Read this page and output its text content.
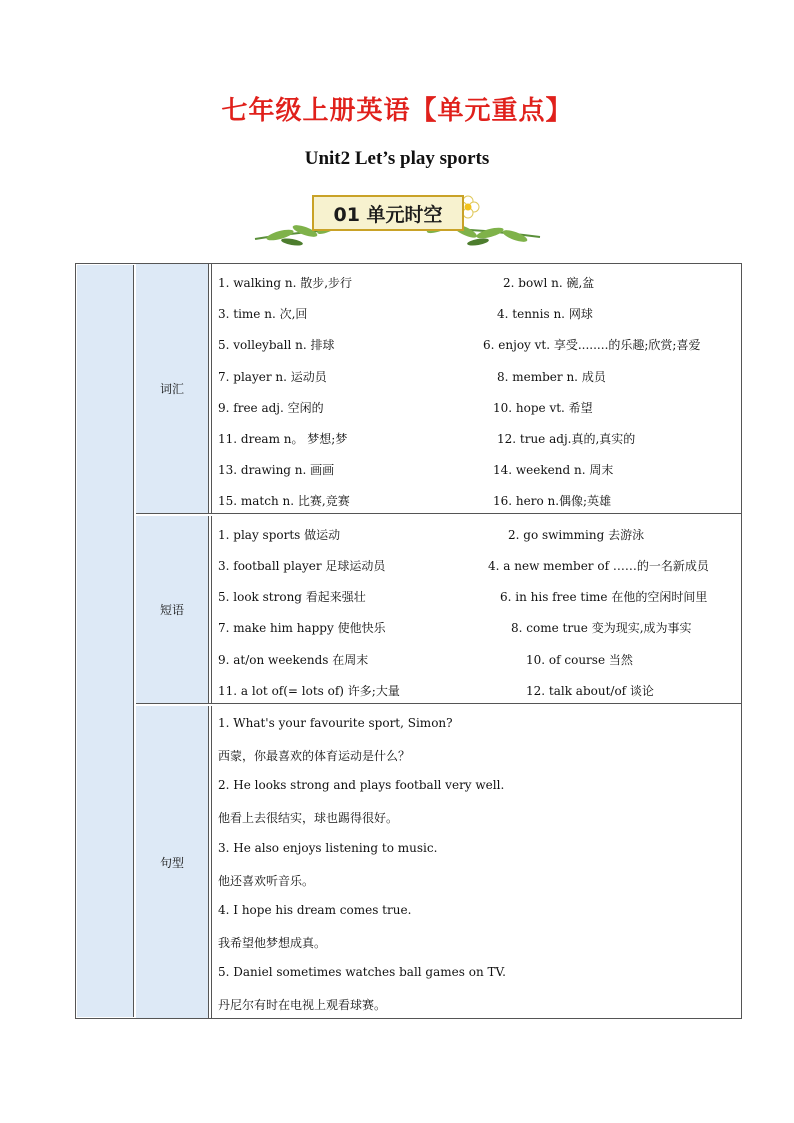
七年级上册英语【单元重点】
Unit2 Let’s play sports
01 单元时空
词汇
1. walking n. 散步,步行	2. bowl n. 碗,盆
3. time n. 次,回	4. tennis n. 网球
5. volleyball n. 排球	6. enjoy vt. 享受........的乐趣;欣赏;喜爱
7. player n. 运动员	8. member n. 成员
9. free adj. 空闲的	10. hope vt. 希望
11. dream n。 梦想;梦	12. true adj.真的,真实的
13. drawing n. 画画	14. weekend n. 周末
15. match n. 比赛,竞赛	16. hero n.偶像;英雄
短语
1. play sports 做运动	2. go swimming 去游泳
3. football player 足球运动员	4. a new member of ……的一名新成员
5. look strong 看起来强壮	6. in his free time 在他的空闲时间里
7. make him happy 使他快乐	8. come true 变为现实,成为事实
9. at/on weekends 在周末	10. of course 当然
11. a lot of(= lots of) 许多;大量	12. talk about/of 谈论
句型
1. What's your favourite sport, Simon?
西蒙，你最喜欢的体育运动是什么？
2. He looks strong and plays football very well.
他看上去很结实，球也踢得很好。
3. He also enjoys listening to music.
他还喜欢听音乐。
4. I hope his dream comes true.
我希望他梦想成真。
5. Daniel sometimes watches ball games on TV.
丹尼尔有时在电视上观看球赛。
